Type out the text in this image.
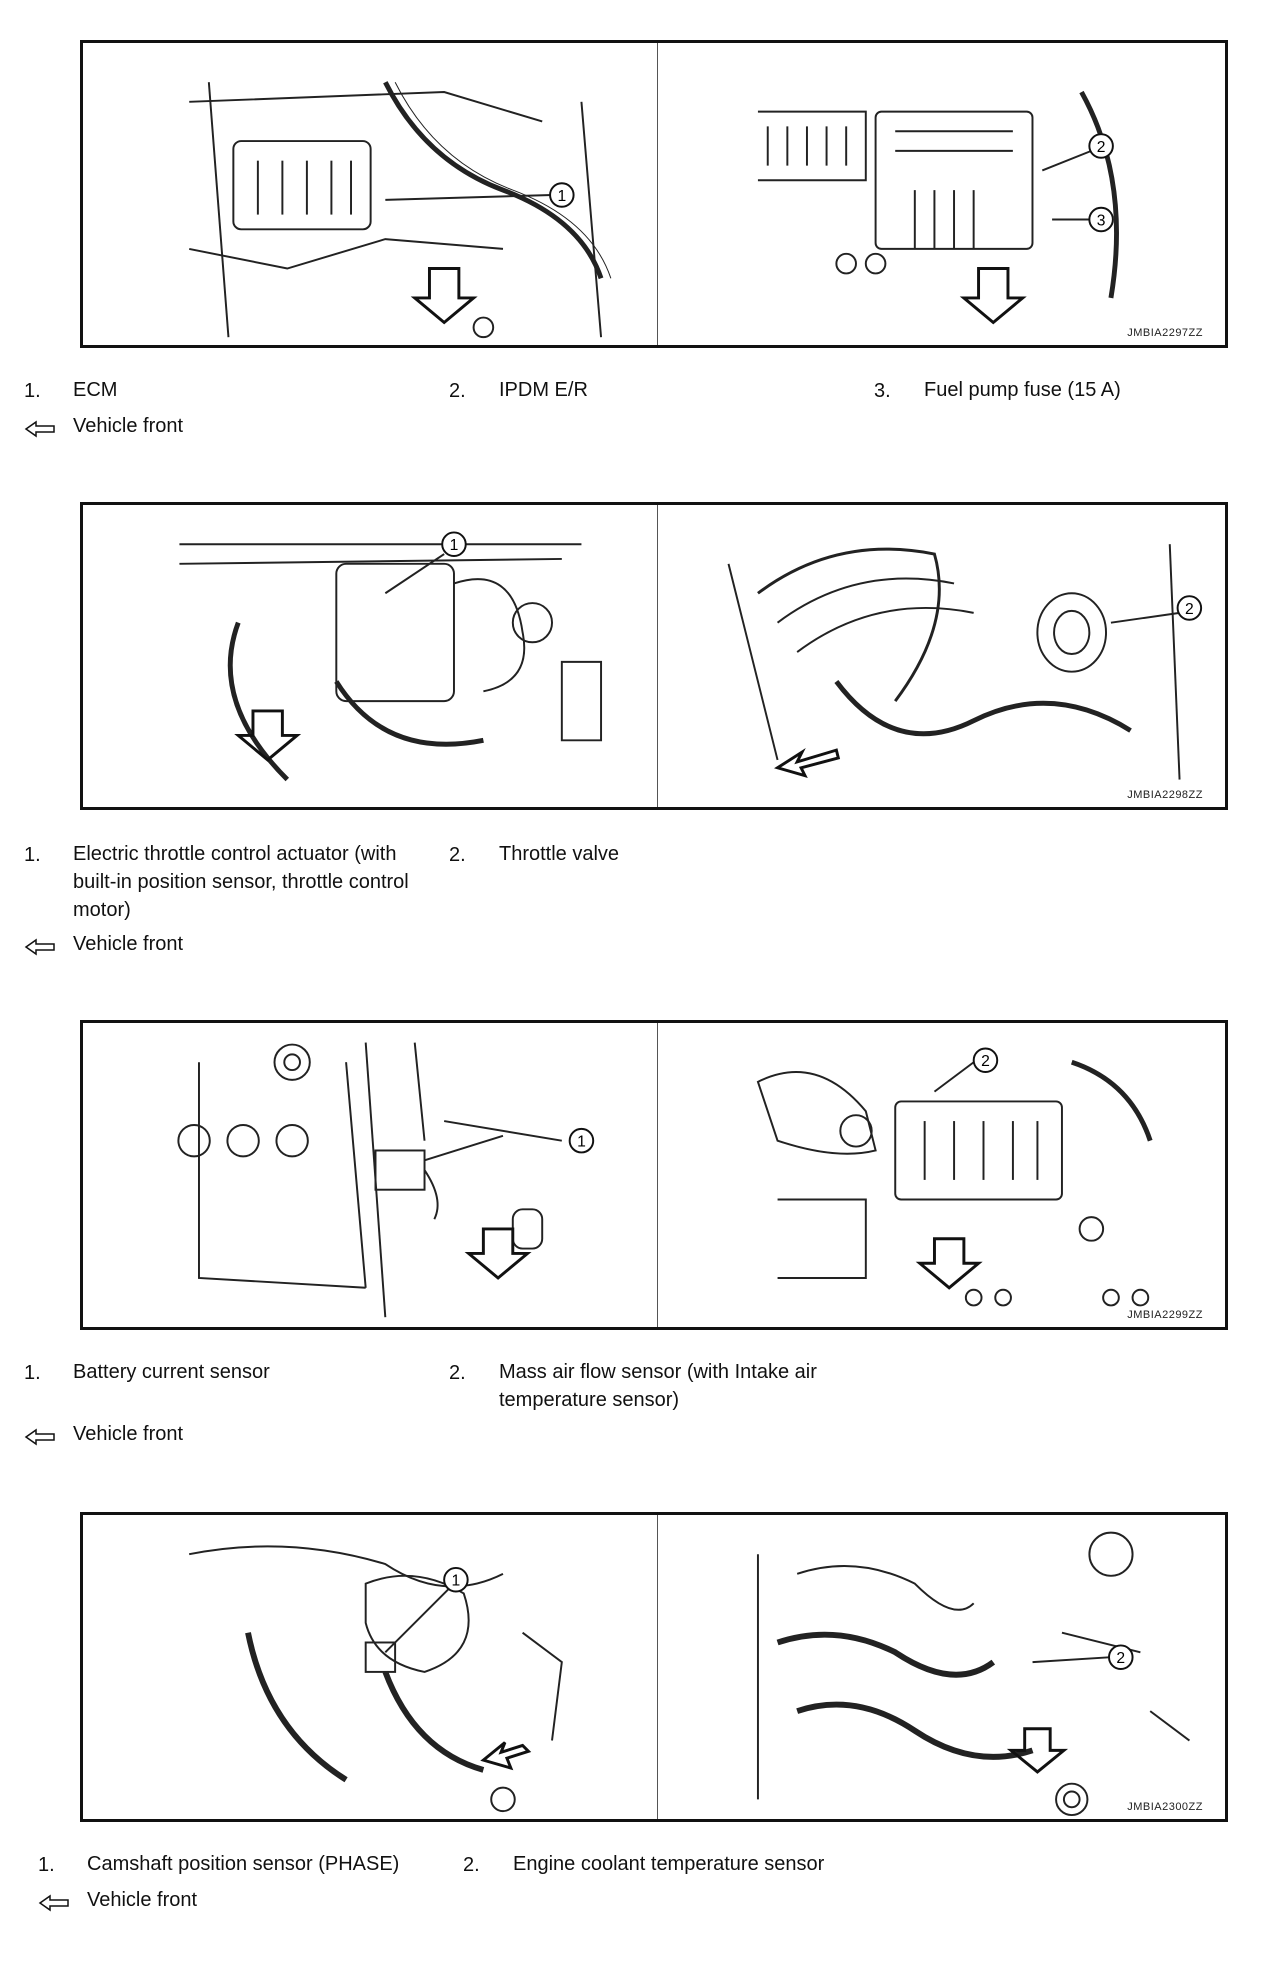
1
2
3
JMBIA2297ZZ
1. ECM	2. IPDM E/R	3. Fuel pump fuse (15 A)
Vehicle front
1
2
JMBIA2298ZZ
1. Electric throttle control actuator (with built-in position sensor, throttle control motor)
2. Throttle valve
Vehicle front
1
2
JMBIA2299ZZ
1. Battery current sensor	2. Mass air flow sensor (with Intake air temperature sensor)
Vehicle front
1
2
JMBIA2300ZZ
1. Camshaft position sensor (PHASE)	2. Engine coolant temperature sensor
Vehicle front
